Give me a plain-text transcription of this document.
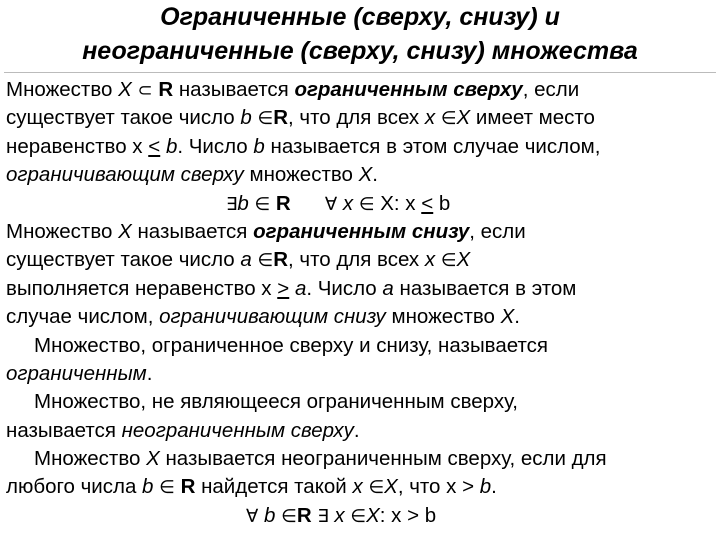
Ограниченные (сверху, снизу) и
неограниченные (сверху, снизу) множества
Множество X ⊂ R называется ограниченным сверху, если
существует такое число b ∈R, что для всех x ∈X имеет место
неравенство x ≤ b. Число b называется в этом случае числом,
ограничивающим сверху множество X.
∃b ∈ R ∀ x ∈ X: x ≤ b
Множество X называется ограниченным снизу, если
существует такое число a ∈R, что для всех x ∈X
выполняется неравенство x ≥ a. Число a называется в этом
случае числом, ограничивающим снизу множество X.
Множество, ограниченное сверху и снизу, называется
ограниченным.
Множество, не являющееся ограниченным сверху,
называется неограниченным сверху.
Множество X называется неограниченным сверху, если для
любого числа b ∈ R найдется такой x ∈X, что x > b.
∀ b ∈R ∃ x ∈X: x > b
